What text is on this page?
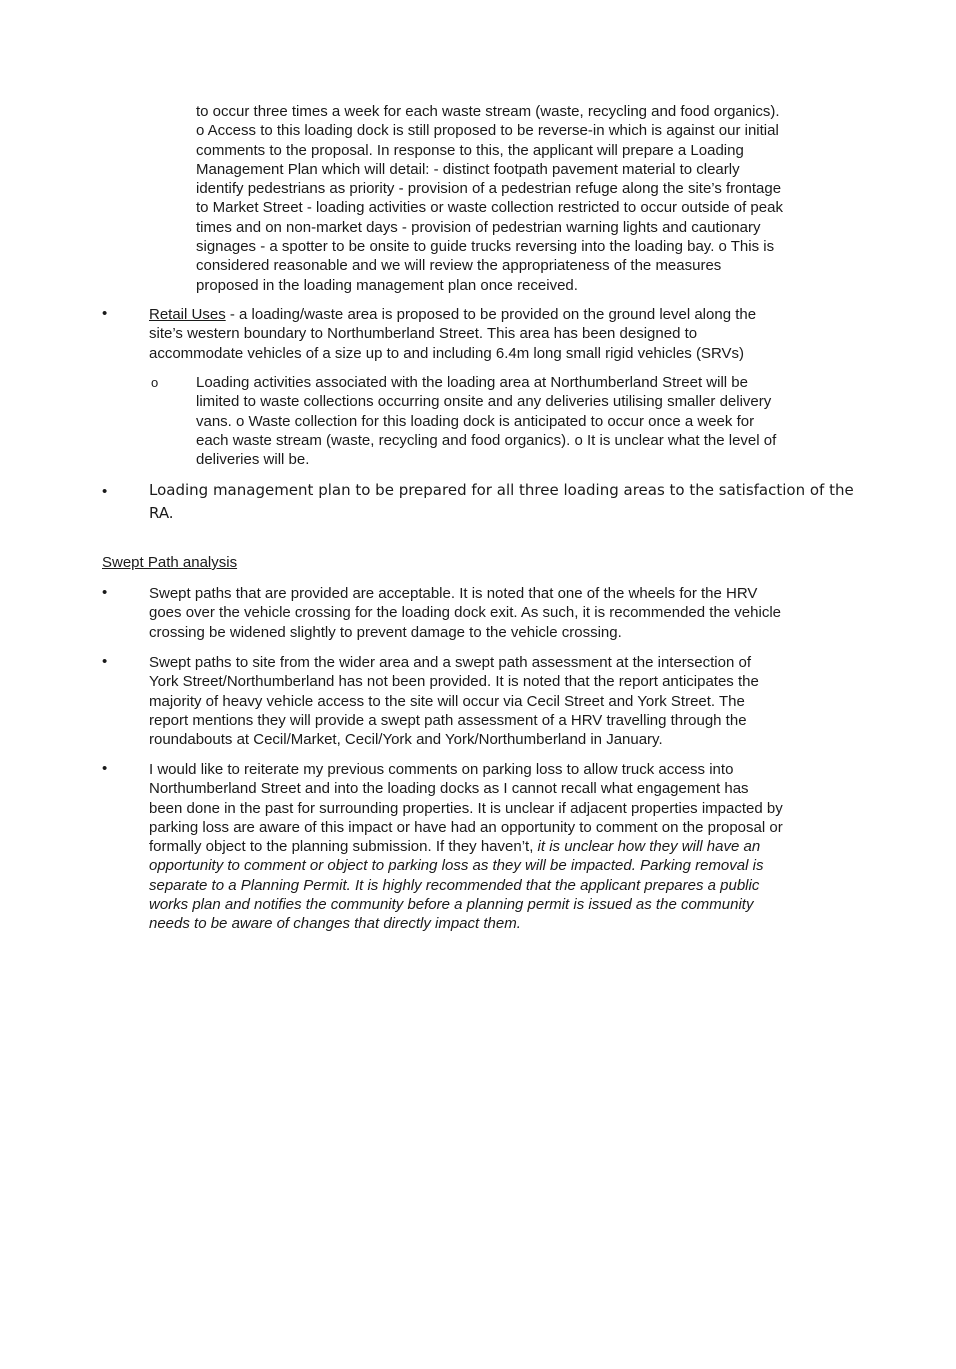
to occur three times a week for each waste stream (waste, recycling and food organics).

o Access to this loading dock is still proposed to be reverse-in which is against our initial

comments to the proposal. In response to this, the applicant will prepare a Loading

Management Plan which will detail: - distinct footpath pavement material to clearly

identify pedestrians as priority - provision of a pedestrian refuge along the site’s frontage

to Market Street - loading activities or waste collection restricted to occur outside of peak

times and on non-market days - provision of pedestrian warning lights and cautionary

signages - a spotter to be onsite to guide trucks reversing into the loading bay. o This is

considered reasonable and we will review the appropriateness of the measures

proposed in the loading management plan once received.

•	Retail Uses - a loading/waste area is proposed to be provided on the ground level along the

site’s western boundary to Northumberland Street. This area has been designed to

accommodate vehicles of a size up to and including 6.4m long small rigid vehicles (SRVs)

o	Loading activities associated with the loading area at Northumberland Street will be

limited to waste collections occurring onsite and any deliveries utilising smaller delivery

vans. o Waste collection for this loading dock is anticipated to occur once a week for

each waste stream (waste, recycling and food organics). o It is unclear what the level of

deliveries will be.

•	Loading management plan to be prepared for all three loading areas to the satisfaction of the

RA.

Swept Path analysis
•	Swept paths that are provided are acceptable. It is noted that one of the wheels for the HRV

goes over the vehicle crossing for the loading dock exit. As such, it is recommended the vehicle

crossing be widened slightly to prevent damage to the vehicle crossing.

•	Swept paths to site from the wider area and a swept path assessment at the intersection of

York Street/Northumberland has not been provided. It is noted that the report anticipates the

majority of heavy vehicle access to the site will occur via Cecil Street and York Street. The

report mentions they will provide a swept path assessment of a HRV travelling through the

roundabouts at Cecil/Market, Cecil/York and York/Northumberland in January.

•	I would like to reiterate my previous comments on parking loss to allow truck access into

Northumberland Street and into the loading docks as I cannot recall what engagement has

been done in the past for surrounding properties. It is unclear if adjacent properties impacted by

parking loss are aware of this impact or have had an opportunity to comment on the proposal or

formally object to the planning submission. If they haven’t, it is unclear how they will have an

opportunity to comment or object to parking loss as they will be impacted. Parking removal is

separate to a Planning Permit. It is highly recommended that the applicant prepares a public

works plan and notifies the community before a planning permit is issued as the community

needs to be aware of changes that directly impact them.
